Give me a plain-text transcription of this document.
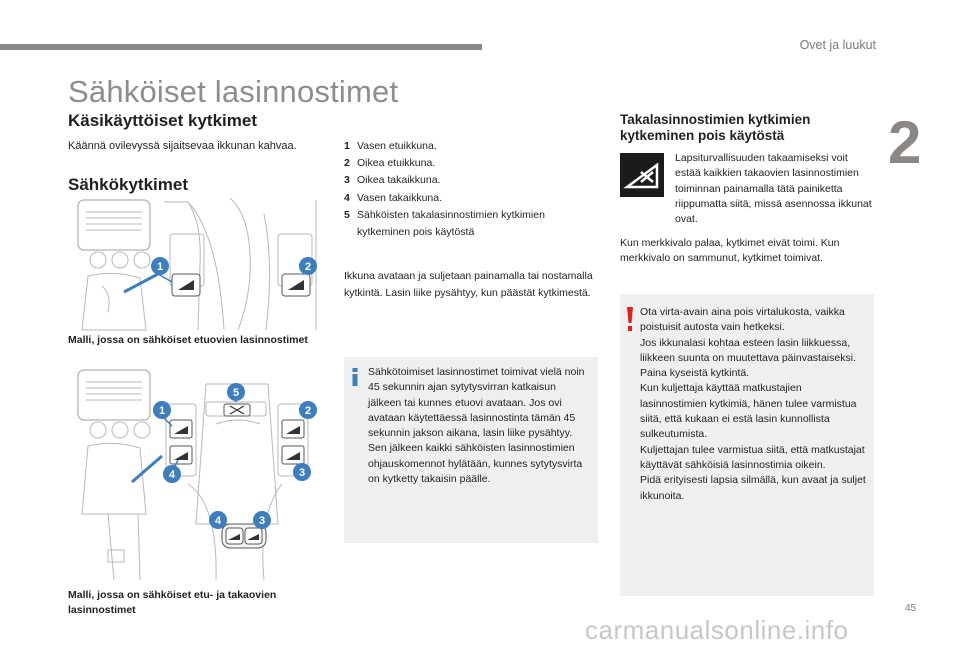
Ovet ja luukut
2
Sähköiset lasinnostimet
Käsikäyttöiset kytkimet
Käännä ovilevyssä sijaitsevaa ikkunan kahvaa.
Sähkökytkimet
1	2
Malli, jossa on sähköiset etuovien lasinnostimet
1	2
3
4
5
4	3
Malli, jossa on sähköiset etu- ja takaovien lasinnostimet
1 Vasen etuikkuna.
2 Oikea etuikkuna.
3 Oikea takaikkuna.
4 Vasen takaikkuna.
5 Sähköisten takalasinnostimien kytkimien kytkeminen pois käytöstä
Ikkuna avataan ja suljetaan painamalla tai nostamalla kytkintä. Lasin liike pysähtyy, kun päästät kytkimestä.
Sähkötoimiset lasinnostimet toimivat vielä noin 45 sekunnin ajan sytytysvirran katkaisun jälkeen tai kunnes etuovi avataan. Jos ovi avataan käytettäessä lasinnostinta tämän 45 sekunnin jakson aikana, lasin liike pysähtyy. Sen jälkeen kaikki sähköisten lasinnostimien ohjauskomennot hylätään, kunnes sytytysvirta on kytketty takaisin päälle.
Takalasinnostimien kytkimien kytkeminen pois käytöstä
Lapsiturvallisuuden takaamiseksi voit estää kaikkien takaovien lasinnostimien toiminnan painamalla tätä painiketta riippumatta siitä, missä asennossa ikkunat ovat.
Kun merkkivalo palaa, kytkimet eivät toimi. Kun merkkivalo on sammunut, kytkimet toimivat.
Ota virta-avain aina pois virtalukosta, vaikka poistuisit autosta vain hetkeksi.
Jos ikkunalasi kohtaa esteen lasin liikkuessa, liikkeen suunta on muutettava päinvastaiseksi. Paina kyseistä kytkintä.
Kun kuljettaja käyttää matkustajien lasinnostimien kytkimiä, hänen tulee varmistua siitä, että kukaan ei estä lasin kunnollista sulkeutumista.
Kuljettajan tulee varmistua siitä, että matkustajat käyttävät sähköisiä lasinnostimia oikein.
Pidä erityisesti lapsia silmällä, kun avaat ja suljet ikkunoita.
45
carmanualsonline.info
